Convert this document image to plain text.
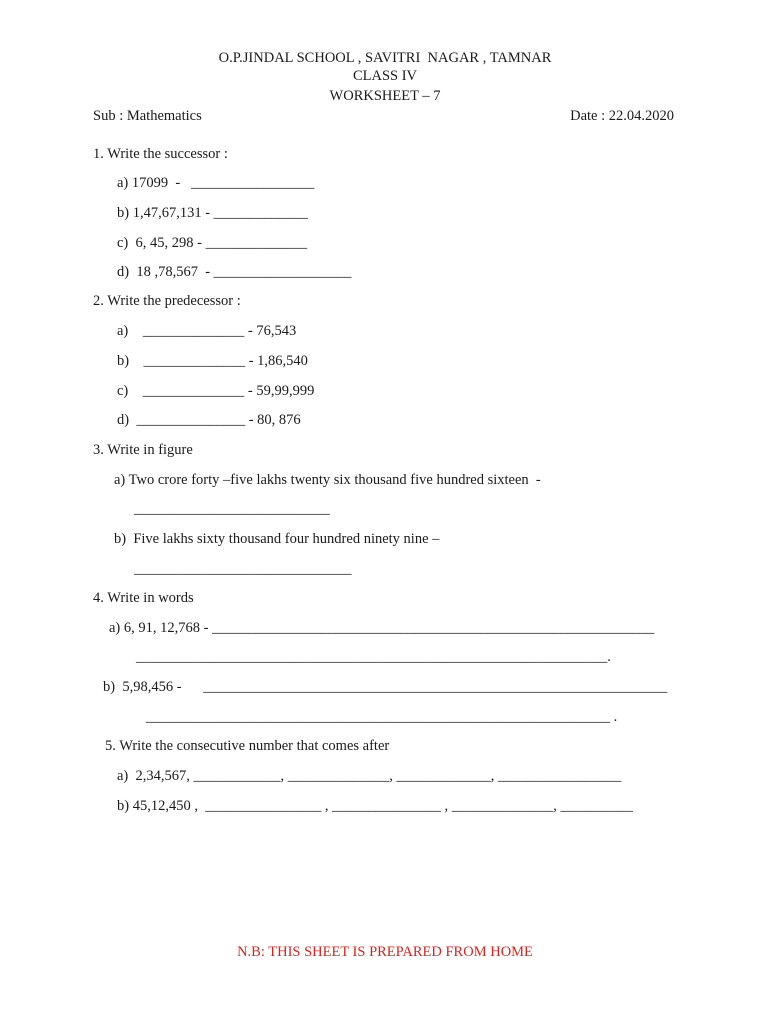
O.P.JINDAL SCHOOL , SAVITRI  NAGAR , TAMNAR
CLASS IV
WORKSHEET – 7
Sub : Mathematics	Date : 22.04.2020
1. Write the successor :
a) 17099  -   _________________
b) 1,47,67,131 - _____________
c)  6, 45, 298 - ______________
d)  18 ,78,567  - ___________________
2. Write the predecessor :
a)    ______________ - 76,543
b)    ______________ - 1,86,540
c)    ______________ - 59,99,999
d)  _______________ - 80, 876
3. Write in figure
a) Two crore forty –five lakhs twenty six thousand five hundred sixteen  -
___________________________
b)  Five lakhs sixty thousand four hundred ninety nine –
______________________________
4. Write in words
a) 6, 91, 12,768 - _____________________________________________________________
_________________________________________________________________.
b)  5,98,456 -      ________________________________________________________________
________________________________________________________________ .
5. Write the consecutive number that comes after
a)  2,34,567, ____________, ______________, _____________, _________________
b) 45,12,450 ,  ________________ , _______________ , ______________, __________
N.B: THIS SHEET IS PREPARED FROM HOME
